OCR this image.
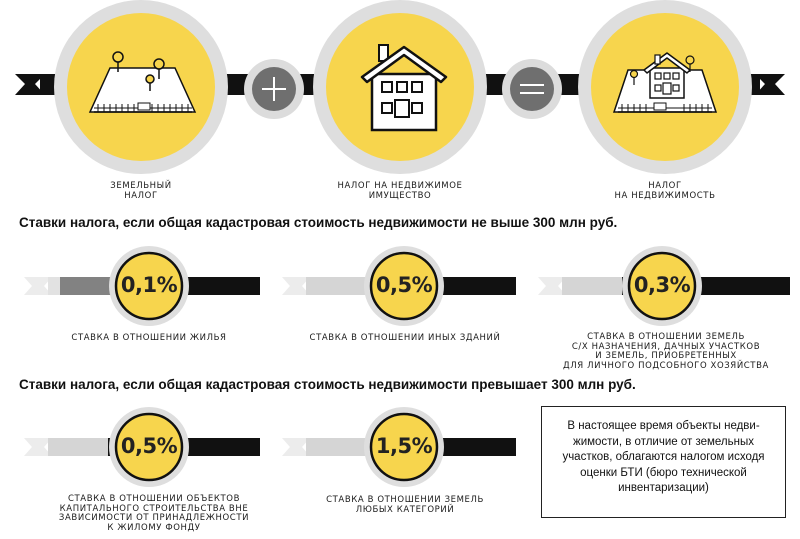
ЗЕМЕЛЬНЫЙ
НАЛОГ
НАЛОГ НА НЕДВИЖИМОЕ
ИМУЩЕСТВО
НАЛОГ
НА НЕДВИЖИМОСТЬ
Ставки налога, если общая кадастровая стоимость недвижимости не выше 300 млн руб.
0,1%	0,5%	0,3%
СТАВКА В ОТНОШЕНИИ ЖИЛЬЯ	СТАВКА В ОТНОШЕНИИ ИНЫХ ЗДАНИЙ	СТАВКА В ОТНОШЕНИИ ЗЕМЕЛЬ
С/Х НАЗНАЧЕНИЯ, ДАЧНЫХ УЧАСТКОВ
И ЗЕМЕЛЬ, ПРИОБРЕТЕННЫХ
ДЛЯ ЛИЧНОГО ПОДСОБНОГО ХОЗЯЙСТВА
Ставки налога, если общая кадастровая стоимость недвижимости превышает 300 млн руб.
0,5%	1,5%
СТАВКА В ОТНОШЕНИИ ОБЪЕКТОВ
КАПИТАЛЬНОГО СТРОИТЕЛЬСТВА ВНЕ
ЗАВИСИМОСТИ ОТ ПРИНАДЛЕЖНОСТИ
К ЖИЛОМУ ФОНДУ
СТАВКА В ОТНОШЕНИИ ЗЕМЕЛЬ
ЛЮБЫХ КАТЕГОРИЙ
В настоящее время объекты недви-
жимости, в отличие от земельных
участков, облагаются налогом исходя
оценки БТИ (бюро технической
инвентаризации)
